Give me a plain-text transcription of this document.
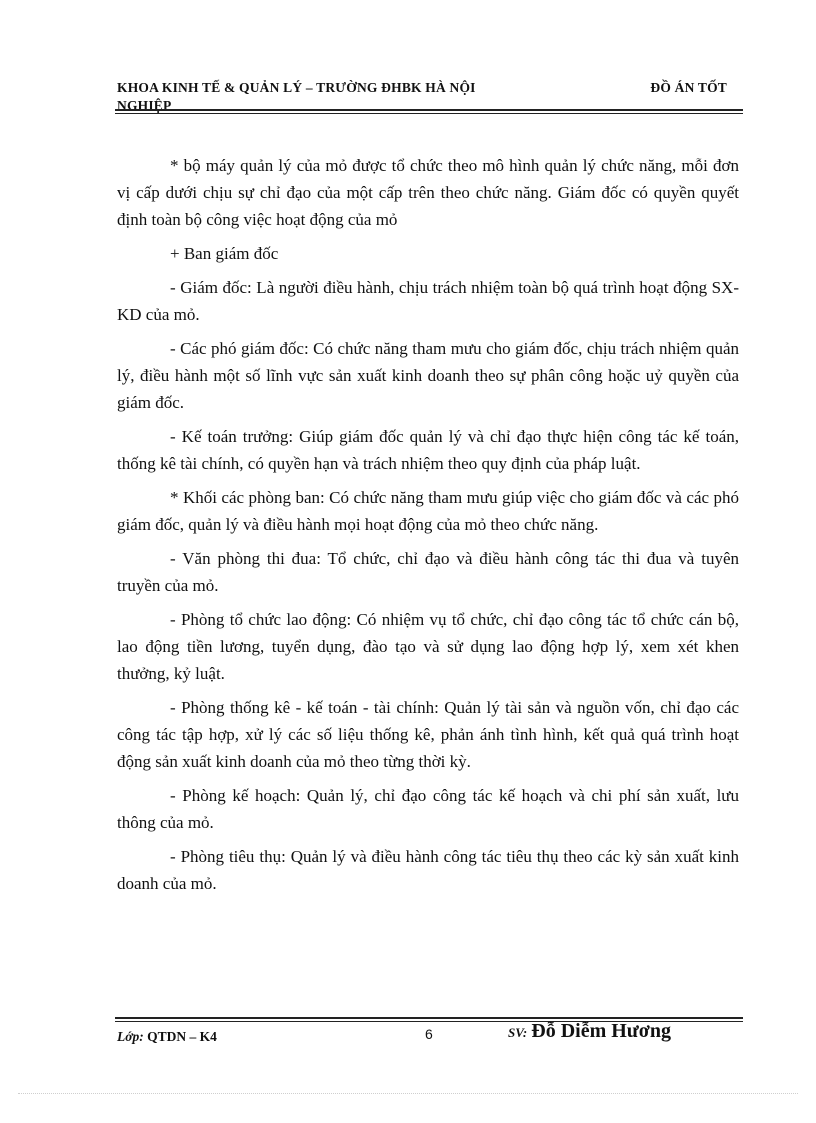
KHOA KINH TẾ & QUẢN LÝ – TRƯỜNG ĐHBK HÀ NỘI	ĐỒ ÁN TỐT
NGHIỆP

* bộ máy quản lý của mỏ được tổ chức theo mô hình quản lý chức năng, mỗi đơn vị cấp dưới chịu sự chỉ đạo của một cấp trên theo chức năng. Giám đốc có quyền quyết định toàn bộ công việc hoạt động của mỏ

+ Ban giám đốc

- Giám đốc: Là người điều hành, chịu trách nhiệm toàn bộ quá trình hoạt động SX- KD của mỏ.

- Các phó giám đốc: Có chức năng tham mưu cho giám đốc, chịu trách nhiệm quản lý, điều hành một số lĩnh vực sản xuất kinh doanh theo sự phân công hoặc uỷ quyền của giám đốc.

- Kế toán trưởng: Giúp giám đốc quản lý và chỉ đạo thực hiện công tác kế toán, thống kê tài chính, có quyền hạn và trách nhiệm theo quy định của pháp luật.

* Khối các phòng ban: Có chức năng tham mưu giúp việc cho giám đốc và các phó giám đốc, quản lý và điều hành mọi hoạt động của mỏ theo chức năng.

- Văn phòng thi đua: Tổ chức, chỉ đạo và điều hành công tác thi đua và tuyên truyền của mỏ.

- Phòng tổ chức lao động: Có nhiệm vụ tổ chức, chỉ đạo công tác tổ chức cán bộ, lao động tiền lương, tuyển dụng, đào tạo và sử dụng lao động hợp lý, xem xét khen thưởng, kỷ luật.

- Phòng thống kê - kế toán - tài chính: Quản lý tài sản và nguồn vốn, chỉ đạo các công tác tập hợp, xử lý các số liệu thống kê, phản ánh tình hình, kết quả quá trình hoạt động sản xuất kinh doanh của mỏ theo từng thời kỳ.

- Phòng kế hoạch: Quản lý, chỉ đạo công tác kế hoạch và chi phí sản xuất, lưu thông của mỏ.

- Phòng tiêu thụ: Quản lý và điều hành công tác tiêu thụ theo các kỳ sản xuất kinh doanh của mỏ.

Lớp: QTDN – K4	6	SV: Đỗ Diễm Hương
